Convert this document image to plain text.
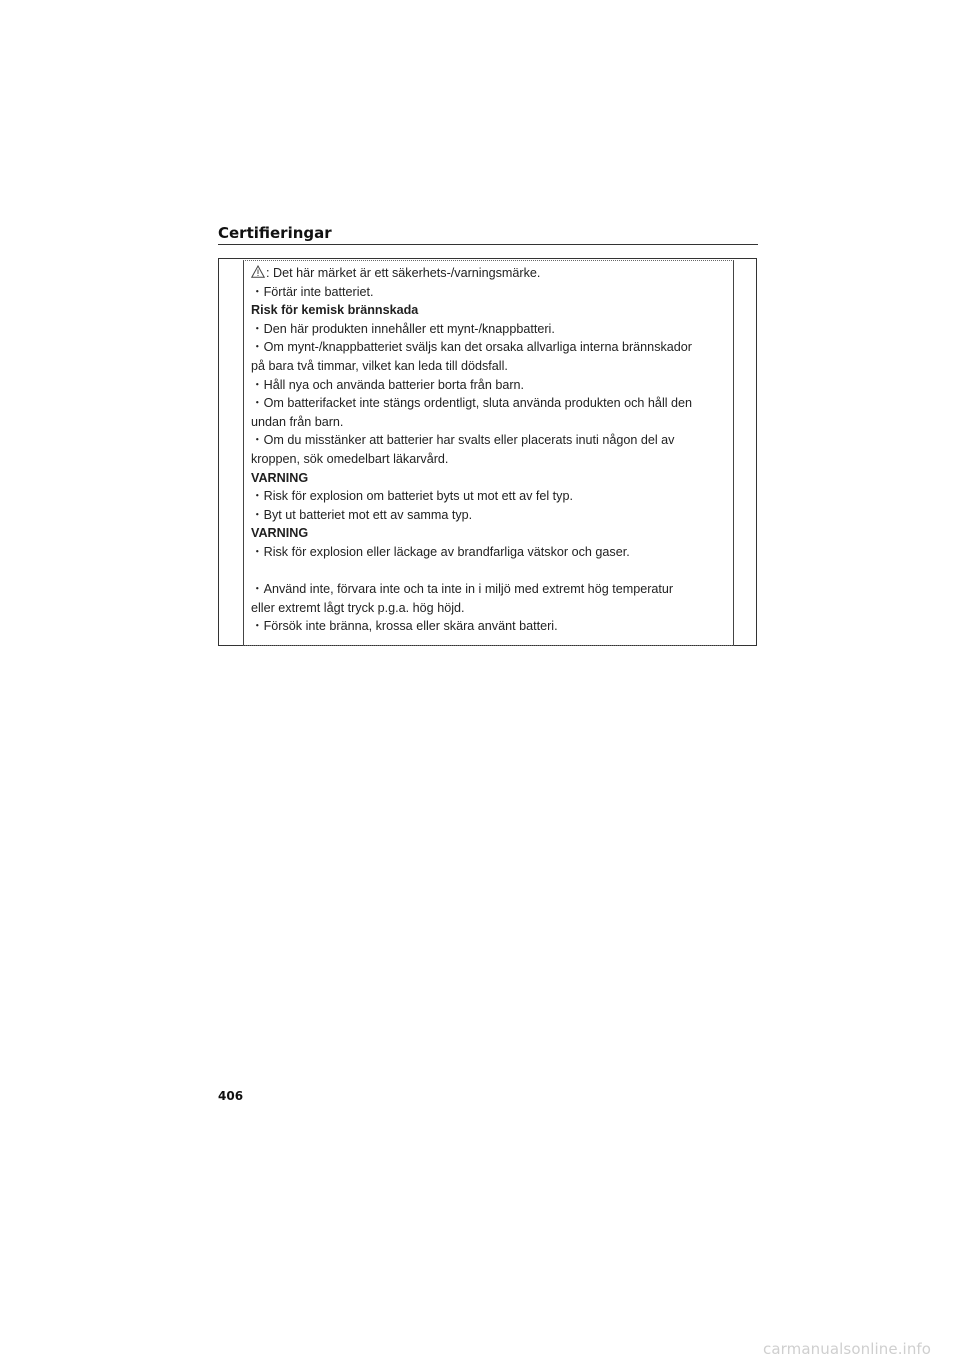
Certifieringar

: Det här märket är ett säkerhets-/varningsmärke.

・Förtär inte batteriet.

Risk för kemisk brännskada

・Den här produkten innehåller ett mynt-/knappbatteri.

・Om mynt-/knappbatteriet sväljs kan det orsaka allvarliga interna brännskador

på bara två timmar, vilket kan leda till dödsfall.

・Håll nya och använda batterier borta från barn.

・Om batterifacket inte stängs ordentligt, sluta använda produkten och håll den

undan från barn.

・Om du misstänker att batterier har svalts eller placerats inuti någon del av

kroppen, sök omedelbart läkarvård.

VARNING

・Risk för explosion om batteriet byts ut mot ett av fel typ.

・Byt ut batteriet mot ett av samma typ.

VARNING

・Risk för explosion eller läckage av brandfarliga vätskor och gaser.

・Använd inte, förvara inte och ta inte in i miljö med extremt hög temperatur

eller extremt lågt tryck p.g.a. hög höjd.

・Försök inte bränna, krossa eller skära använt batteri.

406
carmanualsonline.info
